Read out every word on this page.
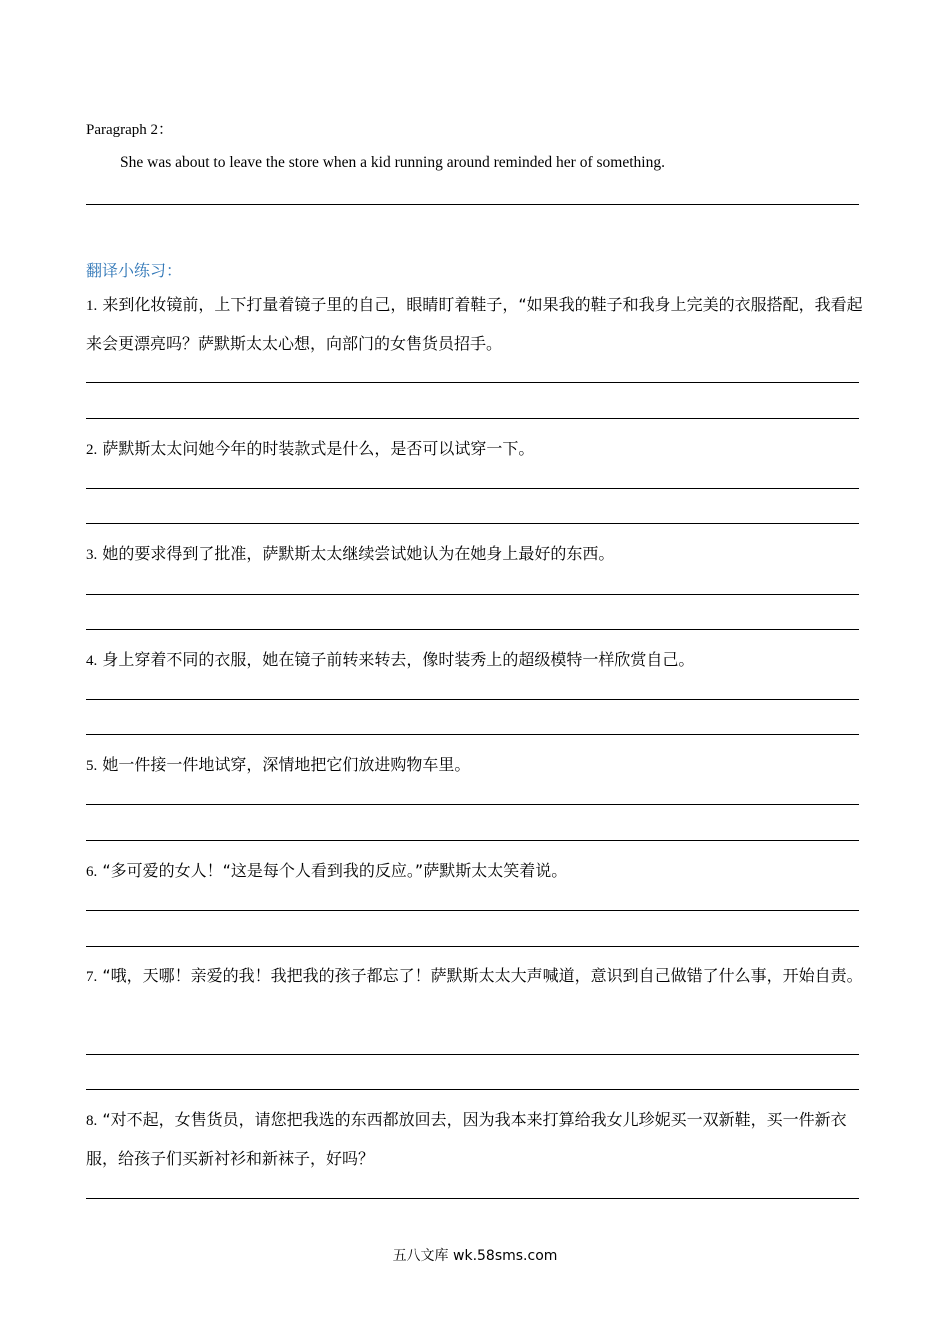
Paragraph 2：
She was about to leave the store when a kid running around reminded her of something.
翻译小练习：
1. 来到化妆镜前，上下打量着镜子里的自己，眼睛盯着鞋子，“如果我的鞋子和我身上完美的衣服搭配，我看起来会更漂亮吗？萨默斯太太心想，向部门的女售货员招手。
2. 萨默斯太太问她今年的时装款式是什么，是否可以试穿一下。
3. 她的要求得到了批准，萨默斯太太继续尝试她认为在她身上最好的东西。
4. 身上穿着不同的衣服，她在镜子前转来转去，像时装秀上的超级模特一样欣赏自己。
5. 她一件接一件地试穿，深情地把它们放进购物车里。
6. “多可爱的女人！“这是每个人看到我的反应。”萨默斯太太笑着说。
7. “哦，天哪！亲爱的我！我把我的孩子都忘了！萨默斯太太大声喊道，意识到自己做错了什么事，开始自责。
8. “对不起，女售货员，请您把我选的东西都放回去，因为我本来打算给我女儿珍妮买一双新鞋，买一件新衣服，给孩子们买新衬衫和新袜子，好吗？
五八文库 wk.58sms.com
